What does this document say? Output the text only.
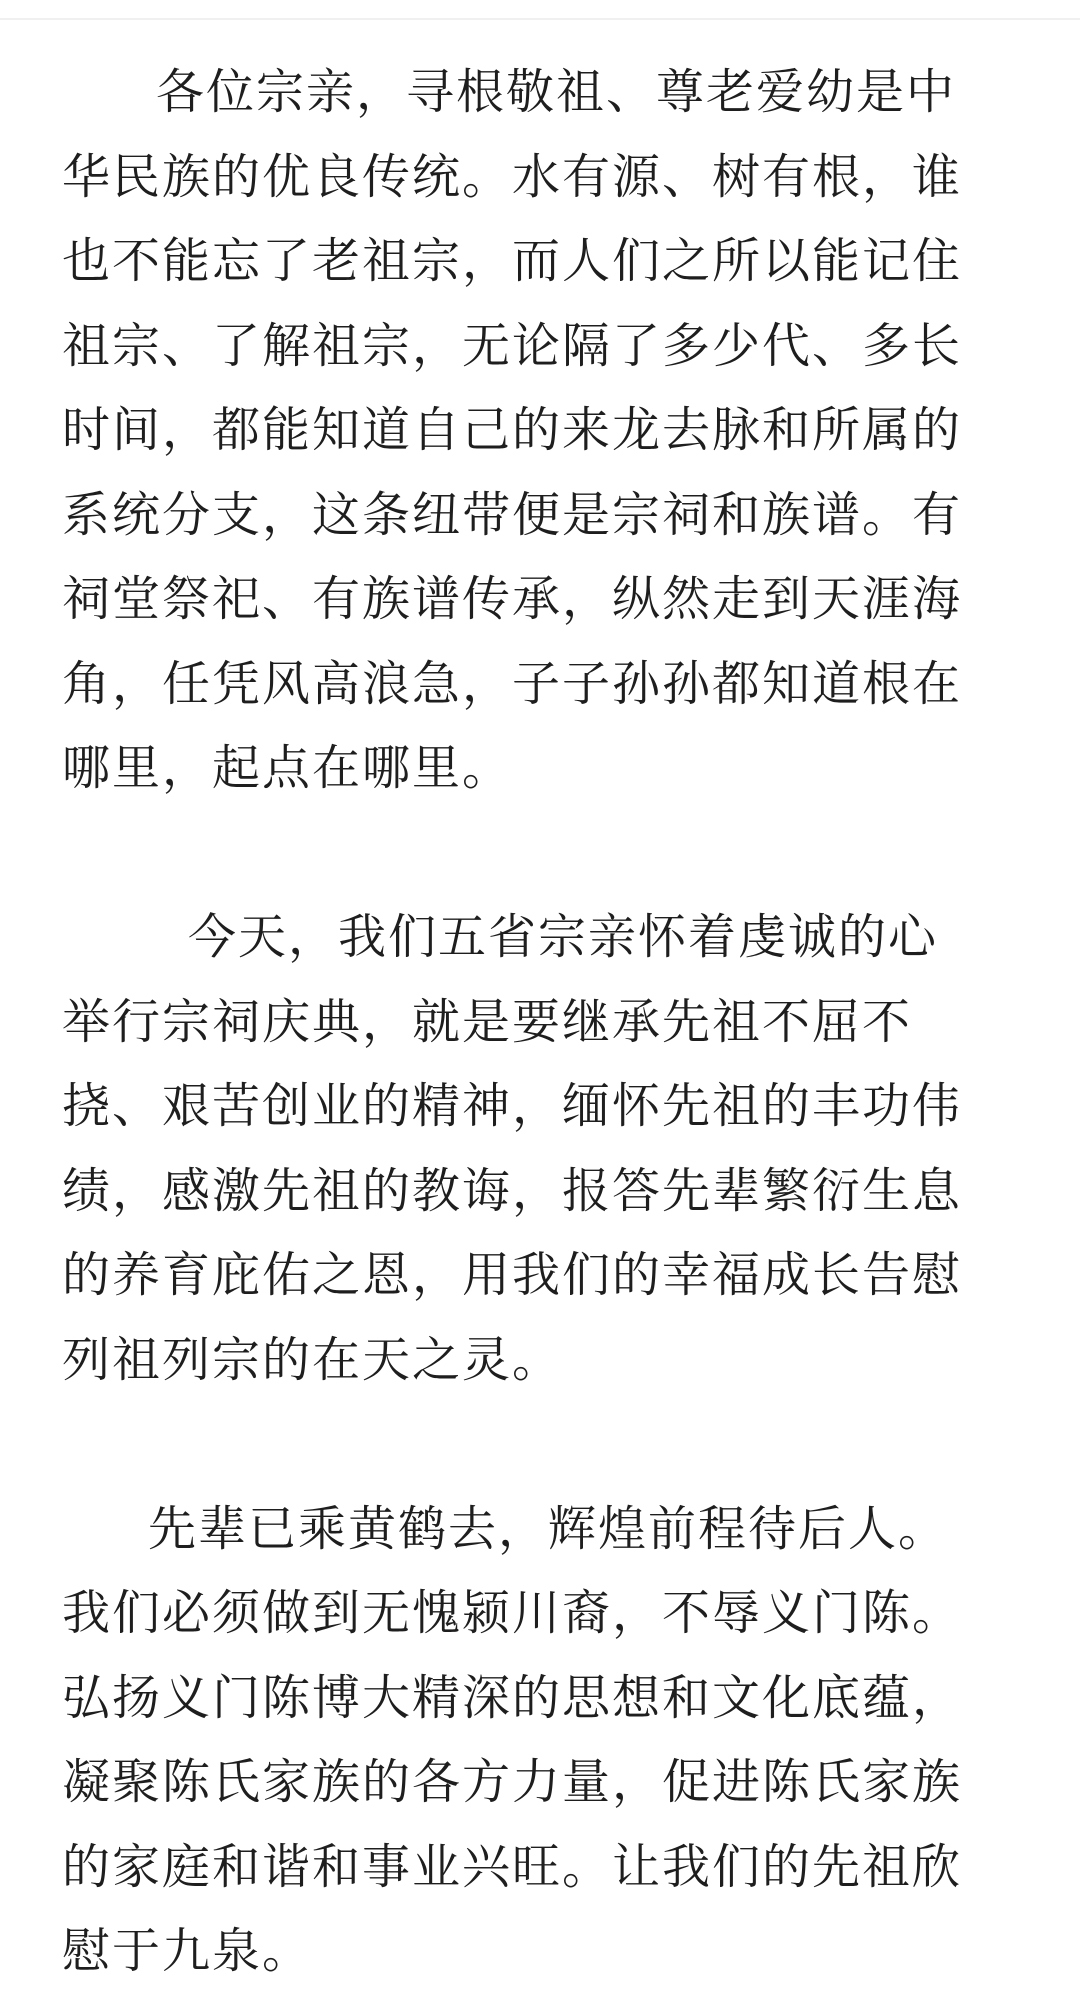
各位宗亲，寻根敬祖、尊老爱幼是中
华民族的优良传统。水有源、树有根，谁
也不能忘了老祖宗，而人们之所以能记住
祖宗、了解祖宗，无论隔了多少代、多长
时间，都能知道自己的来龙去脉和所属的
系统分支，这条纽带便是宗祠和族谱。有
祠堂祭祀、有族谱传承，纵然走到天涯海
角，任凭风高浪急，子子孙孙都知道根在
哪里，起点在哪里。
今天，我们五省宗亲怀着虔诚的心
举行宗祠庆典，就是要继承先祖不屈不
挠、艰苦创业的精神，缅怀先祖的丰功伟
绩，感激先祖的教诲，报答先辈繁衍生息
的养育庇佑之恩，用我们的幸福成长告慰
列祖列宗的在天之灵。
先辈已乘黄鹤去，辉煌前程待后人。
我们必须做到无愧颍川裔，不辱义门陈。
弘扬义门陈博大精深的思想和文化底蕴，
凝聚陈氏家族的各方力量，促进陈氏家族
的家庭和谐和事业兴旺。让我们的先祖欣
慰于九泉。
